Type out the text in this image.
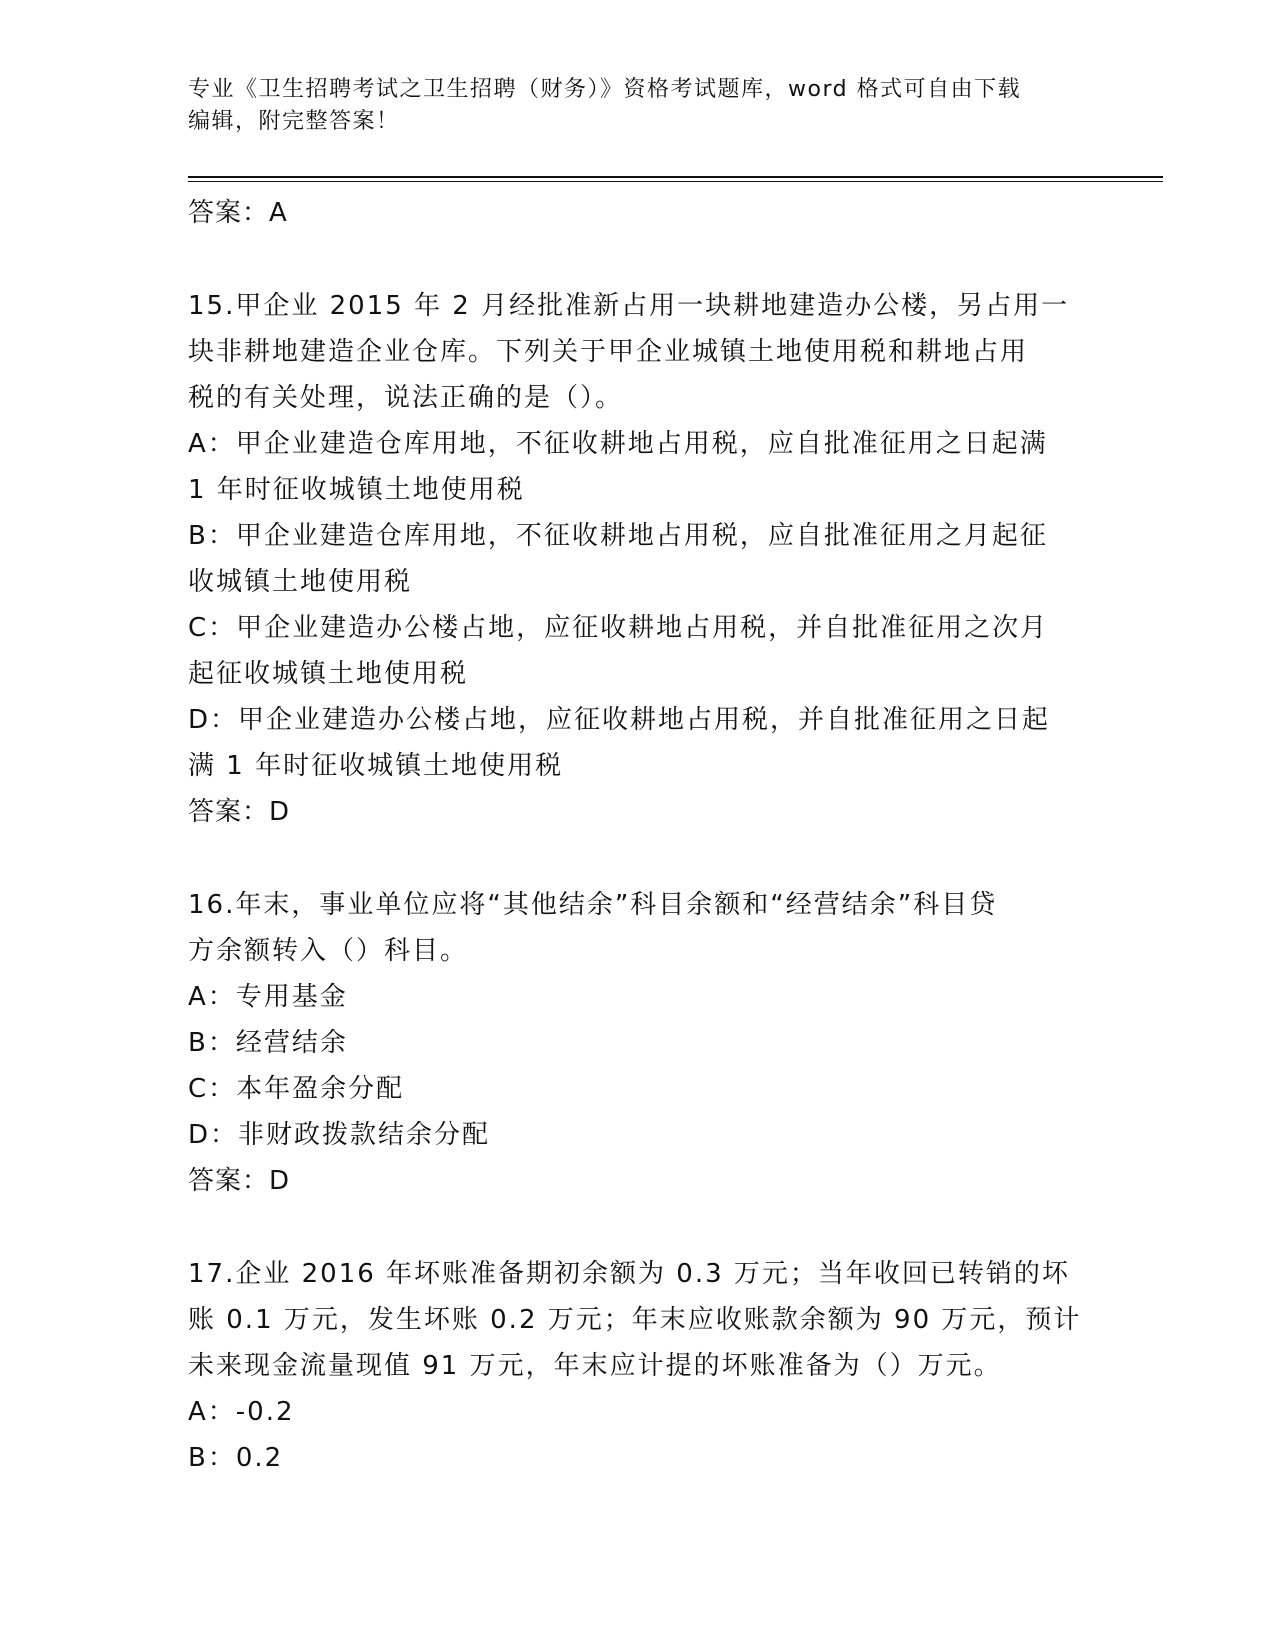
专业《卫生招聘考试之卫生招聘（财务）》资格考试题库，word 格式可自由下载
编辑，附完整答案！

答案：A

15.甲企业 2015 年 2 月经批准新占用一块耕地建造办公楼，另占用一

块非耕地建造企业仓库。下列关于甲企业城镇土地使用税和耕地占用

税的有关处理，说法正确的是（）。

A：甲企业建造仓库用地，不征收耕地占用税，应自批准征用之日起满

1 年时征收城镇土地使用税

B：甲企业建造仓库用地，不征收耕地占用税，应自批准征用之月起征

收城镇土地使用税

C：甲企业建造办公楼占地，应征收耕地占用税，并自批准征用之次月

起征收城镇土地使用税

D：甲企业建造办公楼占地，应征收耕地占用税，并自批准征用之日起

满 1 年时征收城镇土地使用税

答案：D

16.年末，事业单位应将“其他结余”科目余额和“经营结余”科目贷

方余额转入（）科目。

A：专用基金

B：经营结余

C：本年盈余分配

D：非财政拨款结余分配

答案：D

17.企业 2016 年坏账准备期初余额为 0.3 万元；当年收回已转销的坏

账 0.1 万元，发生坏账 0.2 万元；年末应收账款余额为 90 万元，预计

未来现金流量现值 91 万元，年末应计提的坏账准备为（）万元。

A：-0.2

B：0.2
